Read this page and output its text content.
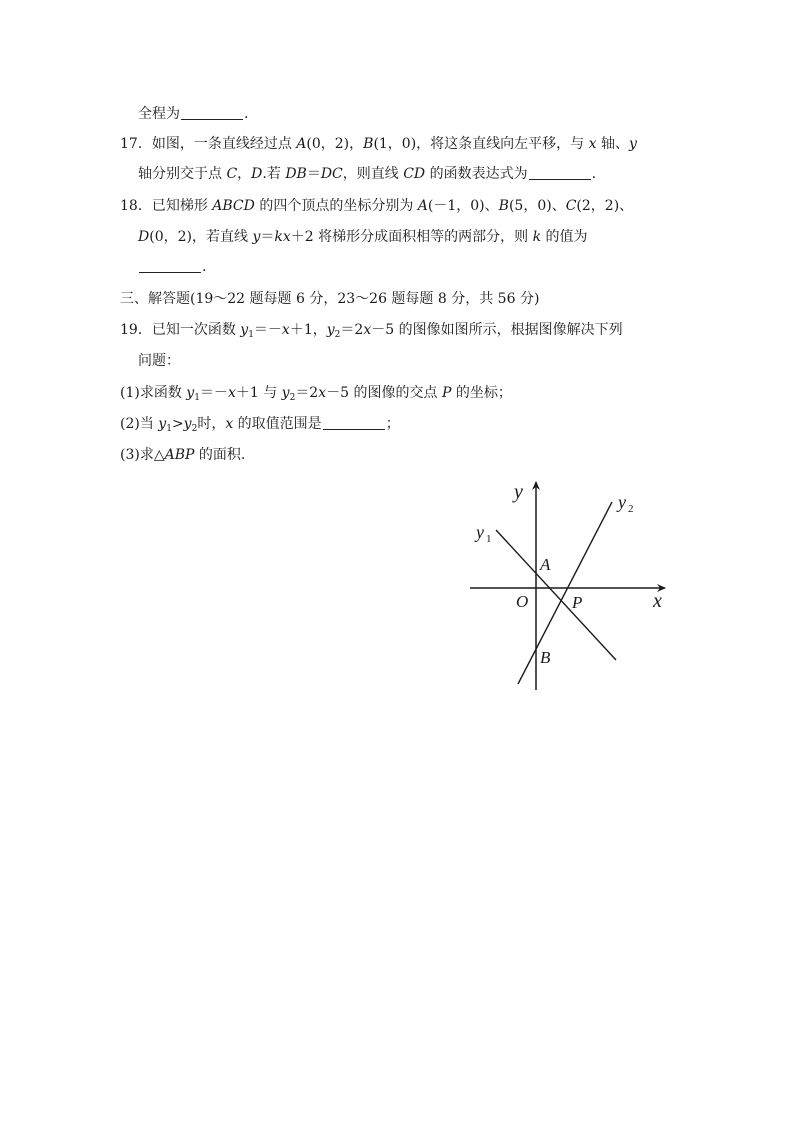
全程为	.
17．如图，一条直线经过点 A(0，2)，B(1，0)，将这条直线向左平移，与 x 轴、y
轴分别交于点 C，D.若 DB＝DC，则直线 CD 的函数表达式为	.
18．已知梯形 ABCD 的四个顶点的坐标分别为 A(－1，0)、B(5，0)、C(2，2)、
D(0，2)，若直线 y＝kx＋2 将梯形分成面积相等的两部分，则 k 的值为
.
三、解答题(19～22 题每题 6 分，23～26 题每题 8 分，共 56 分)
19．已知一次函数 $y_1=-x+1$，$y_2=2x-5$ 的图像如图所示，根据图像解决下列
问题：
(1)求函数 $y_1=-x+1$ 与 $y_2=2x-5$ 的图像的交点 P 的坐标；
(2)当 $y_1>y_2$时，x 的取值范围是	；
(3)求△ABP 的面积.
y
x
O
A
B
P
y 1
y 2
